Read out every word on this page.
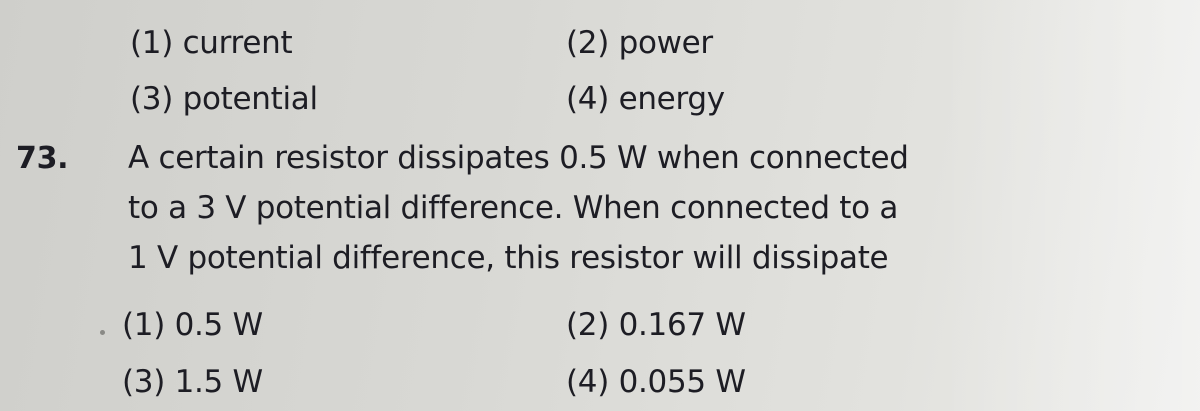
(1) current	(2) power
(3) potential	(4) energy
73. A certain resistor dissipates 0.5 W when connected
to a 3 V potential difference. When connected to a
1 V potential difference, this resistor will dissipate
(1) 0.5 W	(2) 0.167 W
(3) 1.5 W	(4) 0.055 W
